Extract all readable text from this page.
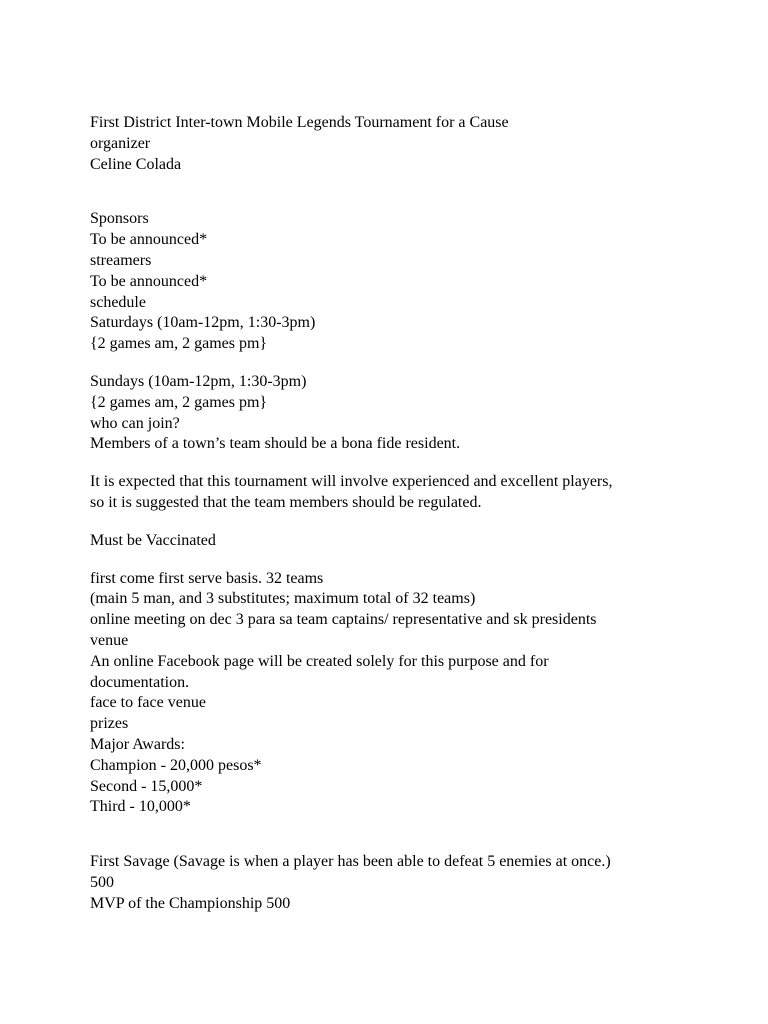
First District Inter-town Mobile Legends Tournament for a Cause
organizer
Celine Colada
Sponsors
To be announced*
streamers
To be announced*
schedule
Saturdays (10am-12pm, 1:30-3pm)
{2 games am, 2 games pm}
Sundays (10am-12pm, 1:30-3pm)
{2 games am, 2 games pm}
who can join?
Members of a town’s team should be a bona fide resident.
It is expected that this tournament will involve experienced and excellent players,
so it is suggested that the team members should be regulated.
Must be Vaccinated
first come first serve basis. 32 teams
(main 5 man, and 3 substitutes; maximum total of 32 teams)
online meeting on dec 3 para sa team captains/ representative and sk presidents
venue
An online Facebook page will be created solely for this purpose and for
documentation.
face to face venue
prizes
Major Awards:
Champion - 20,000 pesos*
Second - 15,000*
Third - 10,000*
First Savage (Savage is when a player has been able to defeat 5 enemies at once.)
500
MVP of the Championship 500
